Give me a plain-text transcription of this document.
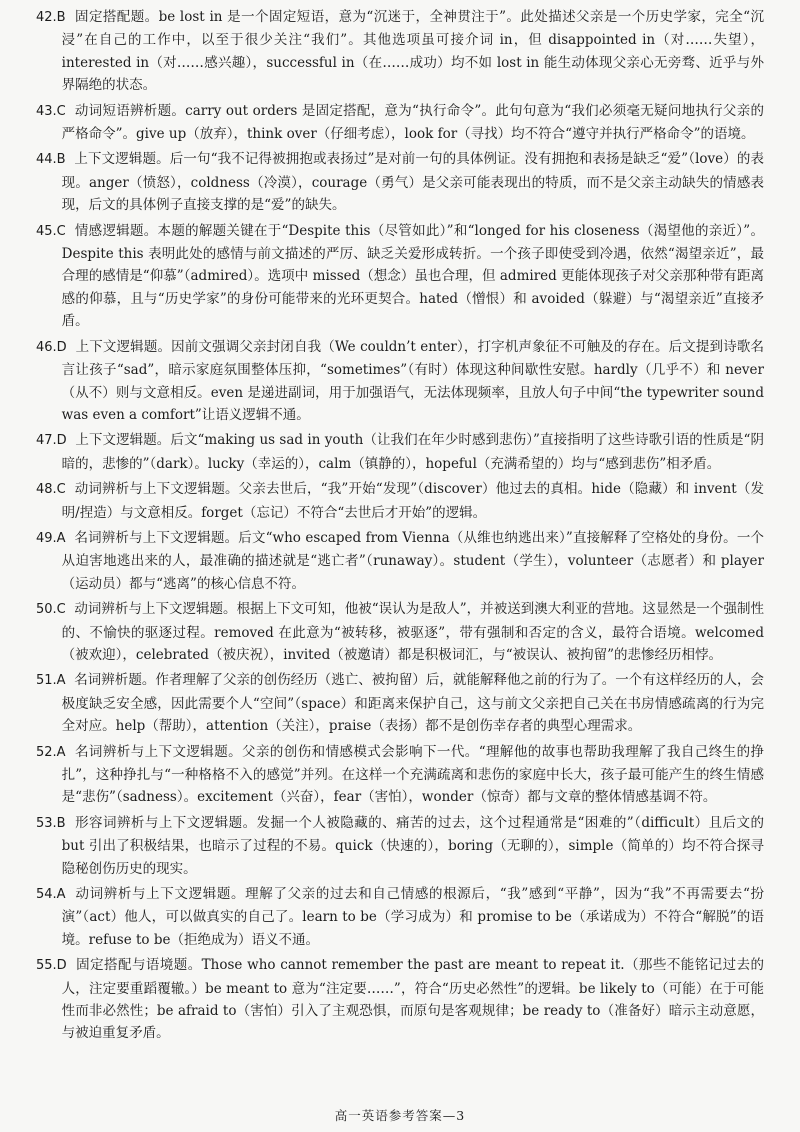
42.B 固定搭配题。be lost in 是一个固定短语，意为“沉迷于，全神贯注于”。此处描述父亲是一个历史学家，完全“沉浸”在自己的工作中，以至于很少关注“我们”。其他选项虽可接介词 in，但 disappointed in（对……失望），interested in（对……感兴趣），successful in（在……成功）均不如 lost in 能生动体现父亲心无旁骛、近乎与外界隔绝的状态。
43.C 动词短语辨析题。carry out orders 是固定搭配，意为“执行命令”。此句句意为“我们必须毫无疑问地执行父亲的严格命令”。give up（放弃），think over（仔细考虑），look for（寻找）均不符合“遵守并执行严格命令”的语境。
44.B 上下文逻辑题。后一句“我不记得被拥抱或表扬过”是对前一句的具体例证。没有拥抱和表扬是缺乏“爱”（love）的表现。anger（愤怒），coldness（冷漠），courage（勇气）是父亲可能表现出的特质，而不是父亲主动缺失的情感表现，后文的具体例子直接支撑的是“爱”的缺失。
45.C 情感逻辑题。本题的解题关键在于“Despite this（尽管如此）”和“longed for his closeness（渴望他的亲近）”。Despite this 表明此处的感情与前文描述的严厉、缺乏关爱形成转折。一个孩子即使受到冷遇，依然“渴望亲近”，最合理的感情是“仰慕”（admired）。选项中 missed（想念）虽也合理，但 admired 更能体现孩子对父亲那种带有距离感的仰慕，且与“历史学家”的身份可能带来的光环更契合。hated（憎恨）和 avoided（躲避）与“渴望亲近”直接矛盾。
46.D 上下文逻辑题。因前文强调父亲封闭自我（We couldn’t enter），打字机声象征不可触及的存在。后文提到诗歌名言让孩子“sad”，暗示家庭氛围整体压抑，“sometimes”（有时）体现这种间歇性安慰。hardly（几乎不）和 never（从不）则与文意相反。even 是递进副词，用于加强语气，无法体现频率，且放人句子中间“the typewriter sound was even a comfort”让语义逻辑不通。
47.D 上下文逻辑题。后文“making us sad in youth（让我们在年少时感到悲伤）”直接指明了这些诗歌引语的性质是“阴暗的，悲惨的”（dark）。lucky（幸运的），calm（镇静的），hopeful（充满希望的）均与“感到悲伤”相矛盾。
48.C 动词辨析与上下文逻辑题。父亲去世后，“我”开始“发现”（discover）他过去的真相。hide（隐藏）和 invent（发明/捏造）与文意相反。forget（忘记）不符合“去世后才开始”的逻辑。
49.A 名词辨析与上下文逻辑题。后文“who escaped from Vienna（从维也纳逃出来）”直接解释了空格处的身份。一个从迫害地逃出来的人，最准确的描述就是“逃亡者”（runaway）。student（学生），volunteer（志愿者）和 player（运动员）都与“逃离”的核心信息不符。
50.C 动词辨析与上下文逻辑题。根据上下文可知，他被“误认为是敌人”，并被送到澳大利亚的营地。这显然是一个强制性的、不愉快的驱逐过程。removed 在此意为“被转移，被驱逐”，带有强制和否定的含义，最符合语境。welcomed（被欢迎），celebrated（被庆祝），invited（被邀请）都是积极词汇，与“被误认、被拘留”的悲惨经历相悖。
51.A 名词辨析题。作者理解了父亲的创伤经历（逃亡、被拘留）后，就能解释他之前的行为了。一个有这样经历的人，会极度缺乏安全感，因此需要个人“空间”（space）和距离来保护自己，这与前文父亲把自己关在书房情感疏离的行为完全对应。help（帮助），attention（关注），praise（表扬）都不是创伤幸存者的典型心理需求。
52.A 名词辨析与上下文逻辑题。父亲的创伤和情感模式会影响下一代。“理解他的故事也帮助我理解了我自己终生的挣扎”，这种挣扎与“一种格格不入的感觉”并列。在这样一个充满疏离和悲伤的家庭中长大，孩子最可能产生的终生情感是“悲伤”（sadness）。excitement（兴奋），fear（害怕），wonder（惊奇）都与文章的整体情感基调不符。
53.B 形容词辨析与上下文逻辑题。发掘一个人被隐藏的、痛苦的过去，这个过程通常是“困难的”（difficult）且后文的 but 引出了积极结果，也暗示了过程的不易。quick（快速的），boring（无聊的），simple（简单的）均不符合探寻隐秘创伤历史的现实。
54.A 动词辨析与上下文逻辑题。理解了父亲的过去和自己情感的根源后，“我”感到“平静”，因为“我”不再需要去“扮演”（act）他人，可以做真实的自己了。learn to be（学习成为）和 promise to be（承诺成为）不符合“解脱”的语境。refuse to be（拒绝成为）语义不通。
55.D 固定搭配与语境题。Those who cannot remember the past are meant to repeat it.（那些不能铭记过去的人，注定要重蹈覆辙。）be meant to 意为“注定要……”，符合“历史必然性”的逻辑。be likely to（可能）在于可能性而非必然性；be afraid to（害怕）引入了主观恐惧，而原句是客观规律；be ready to（准备好）暗示主动意愿，与被迫重复矛盾。
高一英语参考答案—3
